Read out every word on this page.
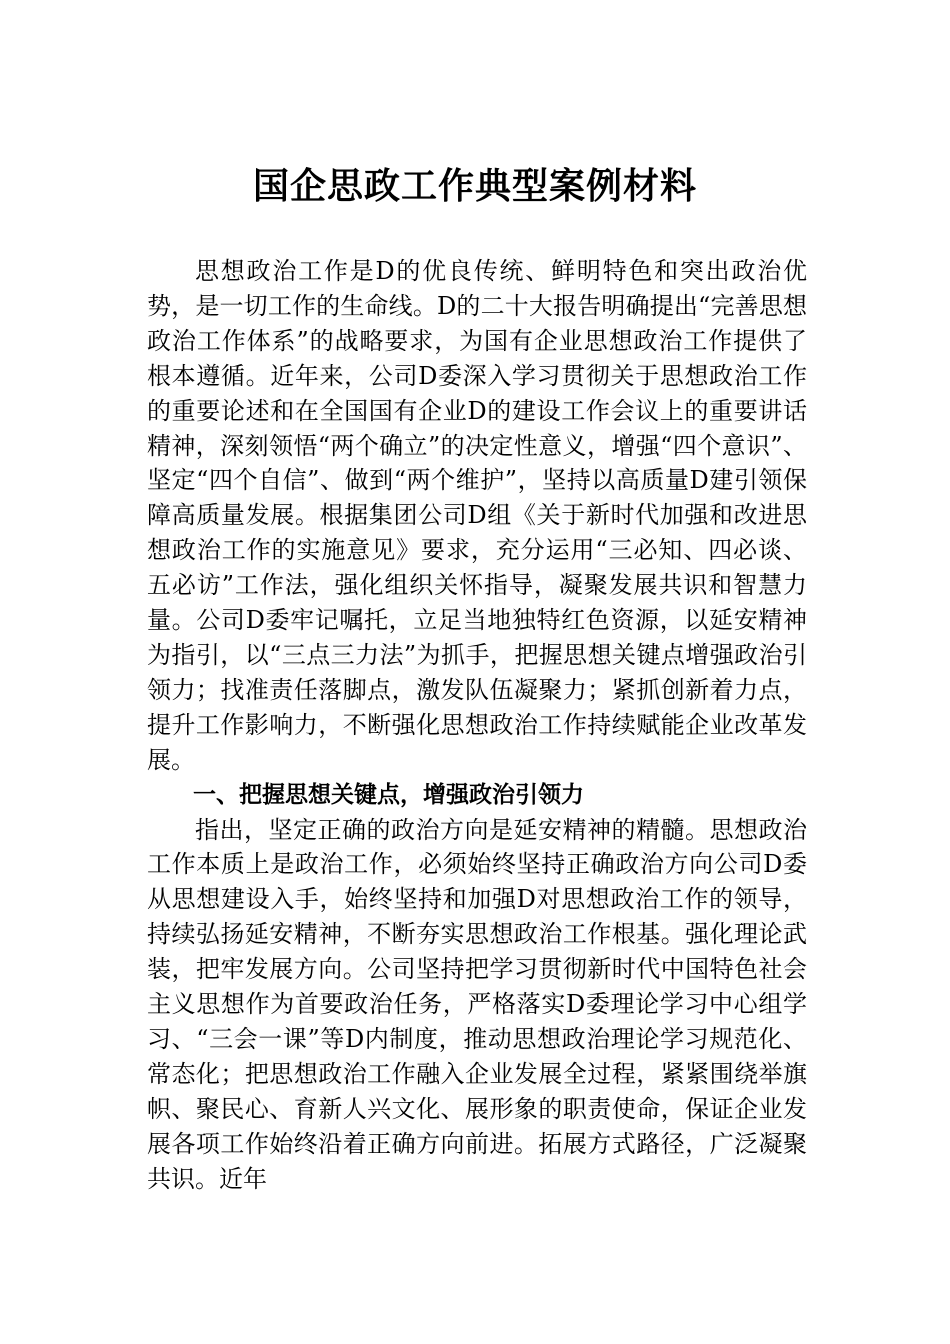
国企思政工作典型案例材料

思想政治工作是D的优良传统、鲜明特色和突出政治优势，是一切工作的生命线。D的二十大报告明确提出“完善思想政治工作体系”的战略要求，为国有企业思想政治工作提供了根本遵循。近年来，公司D委深入学习贯彻关于思想政治工作的重要论述和在全国国有企业D的建设工作会议上的重要讲话精神，深刻领悟“两个确立”的决定性意义，增强“四个意识”、坚定“四个自信”、做到“两个维护”，坚持以高质量D建引领保障高质量发展。根据集团公司D组《关于新时代加强和改进思想政治工作的实施意见》要求，充分运用“三必知、四必谈、五必访”工作法，强化组织关怀指导，凝聚发展共识和智慧力量。公司D委牢记嘱托，立足当地独特红色资源，以延安精神为指引，以“三点三力法”为抓手，把握思想关键点增强政治引领力；找准责任落脚点，激发队伍凝聚力；紧抓创新着力点，提升工作影响力，不断强化思想政治工作持续赋能企业改革发展。

一、把握思想关键点，增强政治引领力

指出，坚定正确的政治方向是延安精神的精髓。思想政治工作本质上是政治工作，必须始终坚持正确政治方向公司D委从思想建设入手，始终坚持和加强D对思想政治工作的领导，持续弘扬延安精神，不断夯实思想政治工作根基。强化理论武装，把牢发展方向。公司坚持把学习贯彻新时代中国特色社会主义思想作为首要政治任务，严格落实D委理论学习中心组学习、“三会一课”等D内制度，推动思想政治理论学习规范化、常态化；把思想政治工作融入企业发展全过程，紧紧围绕举旗帜、聚民心、育新人兴文化、展形象的职责使命，保证企业发展各项工作始终沿着正确方向前进。拓展方式路径，广泛凝聚共识。近年
